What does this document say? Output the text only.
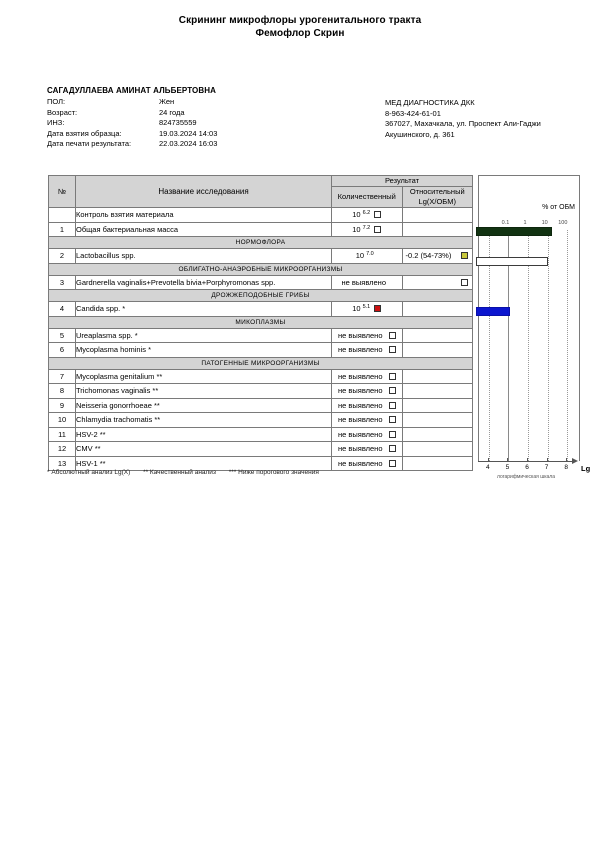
Скрининг микрофлоры урогенитального тракта
Фемофлор Скрин
САГАДУЛЛАЕВА АМИНАТ АЛЬБЕРТОВНА
ПОЛ:	Жен
Возраст:	24 года
ИНЗ:	824735559
Дата взятия образца:	19.03.2024 14:03
Дата печати результата:	22.03.2024 16:03
МЕД ДИАГНОСТИКА ДКК
8-963-424-61-01
367027, Махачкала, ул. Проспект Али-Гаджи
Акушинского, д. 361
№	Название исследования	Результат	
		Количественный	Относительный
Lg(X/ОБМ)
	Контроль взятия материала	10 $^{6.2}$

1	Общая бактериальная масса	10 $^{7.2}$

НОРМОФЛОРА			
2	Lactobacillus spp.	10 $^{7.0}$	-0.2 (54-73%)

ОБЛИГАТНО-АНАЭРОБНЫЕ МИКРООРГАНИЗМЫ			
3	Gardnerella vaginalis+Prevotella bivia+Porphyromonas spp.	не выявлено	

ДРОЖЖЕПОДОБНЫЕ ГРИБЫ			
4	Candida spp. *	10 $^{5.1}$

МИКОПЛАЗМЫ			
5	Ureaplasma spp. *	не выявлено	

6	Mycoplasma hominis *	не выявлено	

ПАТОГЕННЫЕ МИКРООРГАНИЗМЫ			
7	Mycoplasma genitalium **	не выявлено	

8	Trichomonas vaginalis **	не выявлено	

9	Neisseria gonorrhoeae **	не выявлено	

10	Chlamydia trachomatis **	не выявлено	

11	HSV-2 **	не выявлено	

12	CMV **	не выявлено	

13	HSV-1 **	не выявлено	

% от ОБМ
0.1	1	10 100
4 5 6 7 8
логарифмическая шкала
Lg
* Абсолютный анализ Lg(X) ** Качественный анализ *** Ниже порогового значения
